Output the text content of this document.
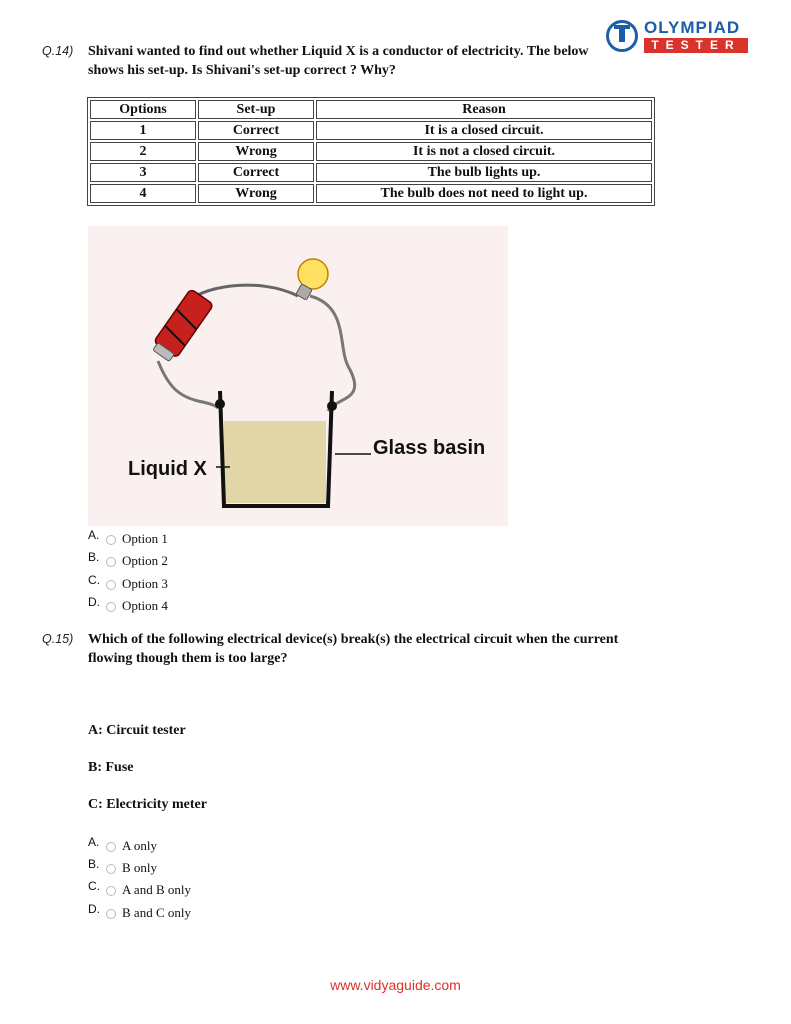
OLYMPIAD
TESTER
Q.14) Shivani wanted to find out whether Liquid X is a conductor of electricity. The below shows his set-up. Is Shivani's set-up correct ? Why?
Options	Set-up	Reason
1	Correct	It is a closed circuit.
2	Wrong	It is not a closed circuit.
3	Correct	The bulb lights up.
4	Wrong	The bulb does not need to light up.
Glass basin
Liquid X
A. Option 1
B. Option 2
C. Option 3
D. Option 4
Q.15) Which of the following electrical device(s) break(s) the electrical circuit when the current flowing though them is too large?
A: Circuit tester
B: Fuse
C: Electricity meter
A. A only
B. B only
C. A and B only
D. B and C only
www.vidyaguide.com
